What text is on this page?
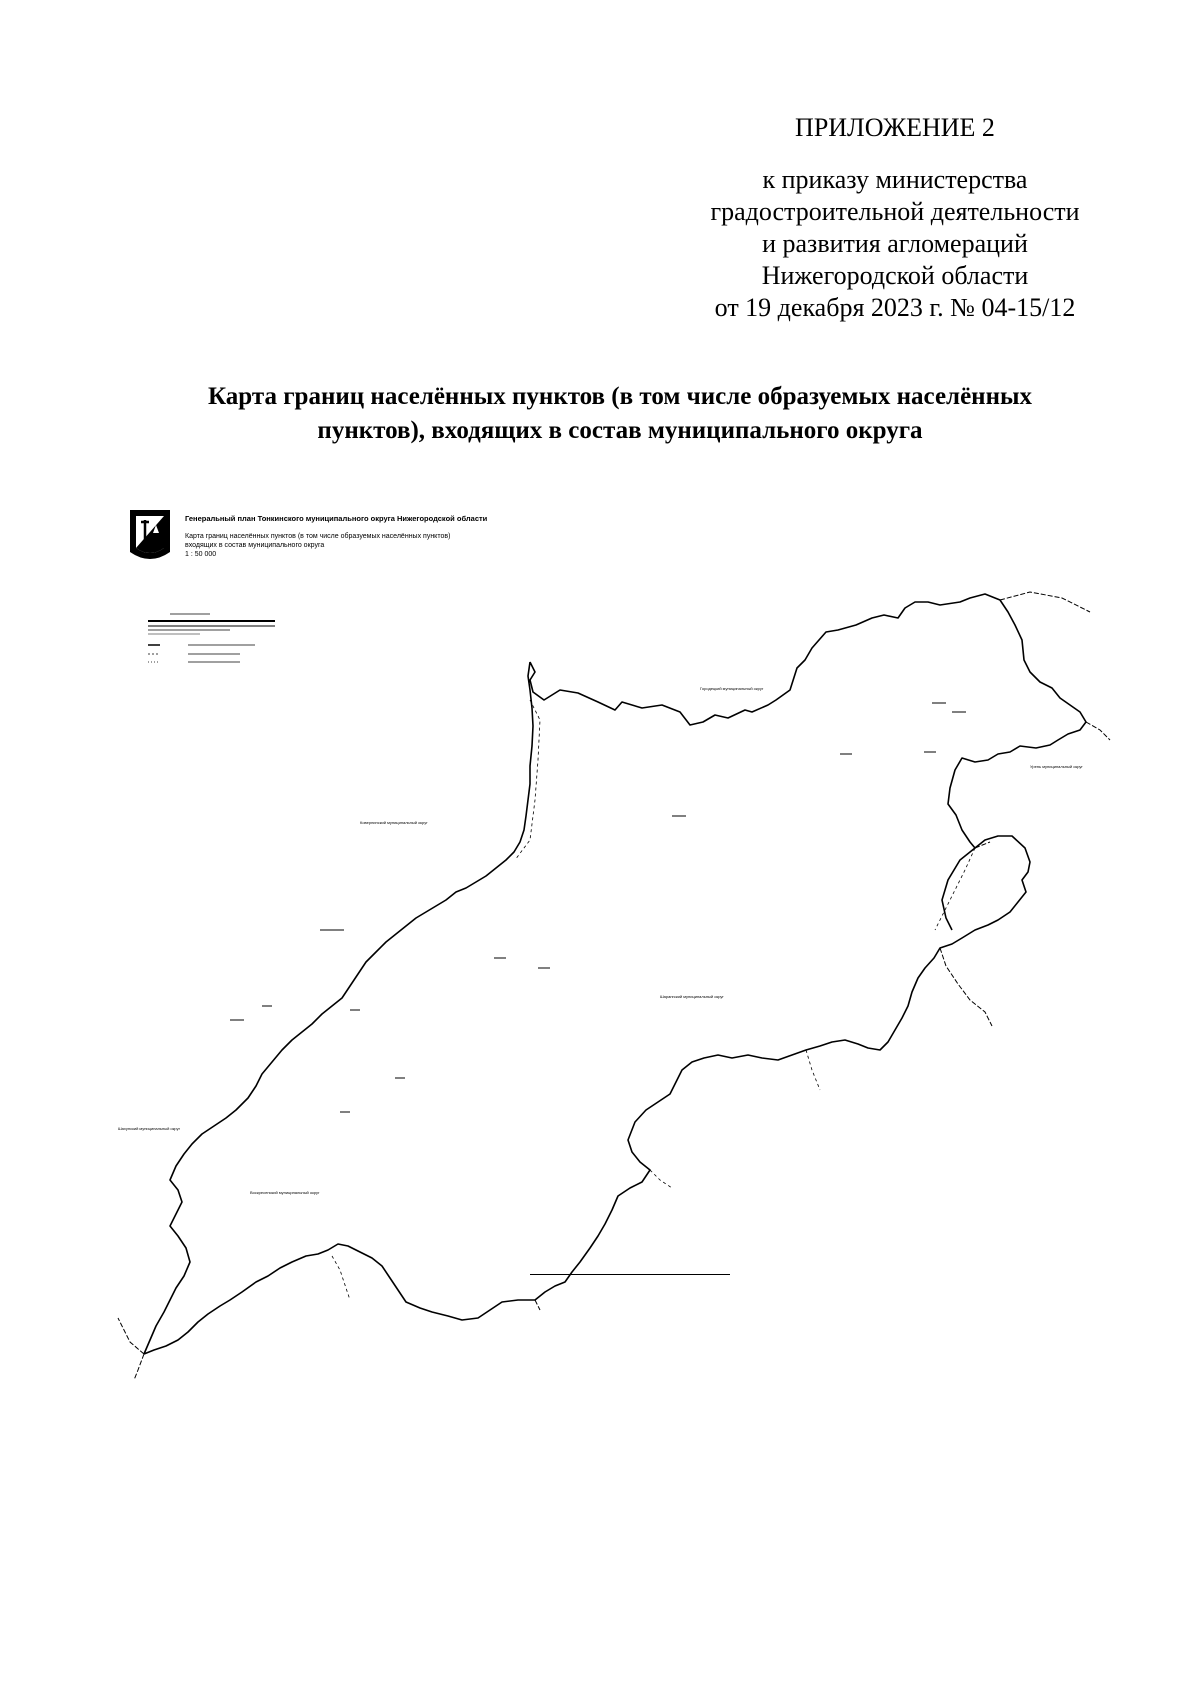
ПРИЛОЖЕНИЕ 2
к приказу министерства
градостроительной деятельности
и развития агломераций
Нижегородской области
от 19 декабря 2023 г. № 04-15/12
Карта границ населённых пунктов (в том числе образуемых населённых
пунктов), входящих в состав муниципального округа
Генеральный план Тонкинского муниципального округа Нижегородской области
Карта границ населённых пунктов (в том числе образуемых населённых пунктов)
входящих в состав муниципального округа
1 : 50 000
Городецкий муниципальный округ
Ковернинский муниципальный округ
Урень муниципальный округ
Шарангский муниципальный округ
Шахунский муниципальный округ
Воскресенский муниципальный округ
